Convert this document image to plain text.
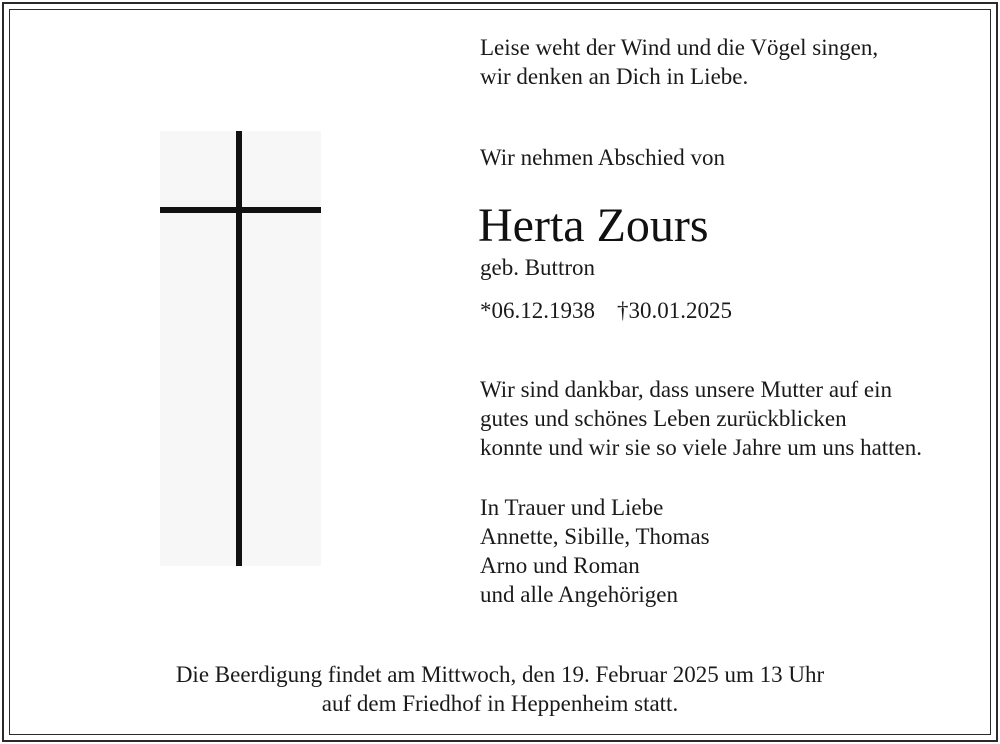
Leise weht der Wind und die Vögel singen,
wir denken an Dich in Liebe.
Wir nehmen Abschied von
Herta Zours
geb. Buttron
*06.12.1938 †30.01.2025
Wir sind dankbar, dass unsere Mutter auf ein
gutes und schönes Leben zurückblicken
konnte und wir sie so viele Jahre um uns hatten.
In Trauer und Liebe
Annette, Sibille, Thomas
Arno und Roman
und alle Angehörigen
Die Beerdigung findet am Mittwoch, den 19. Februar 2025 um 13 Uhr
auf dem Friedhof in Heppenheim statt.
